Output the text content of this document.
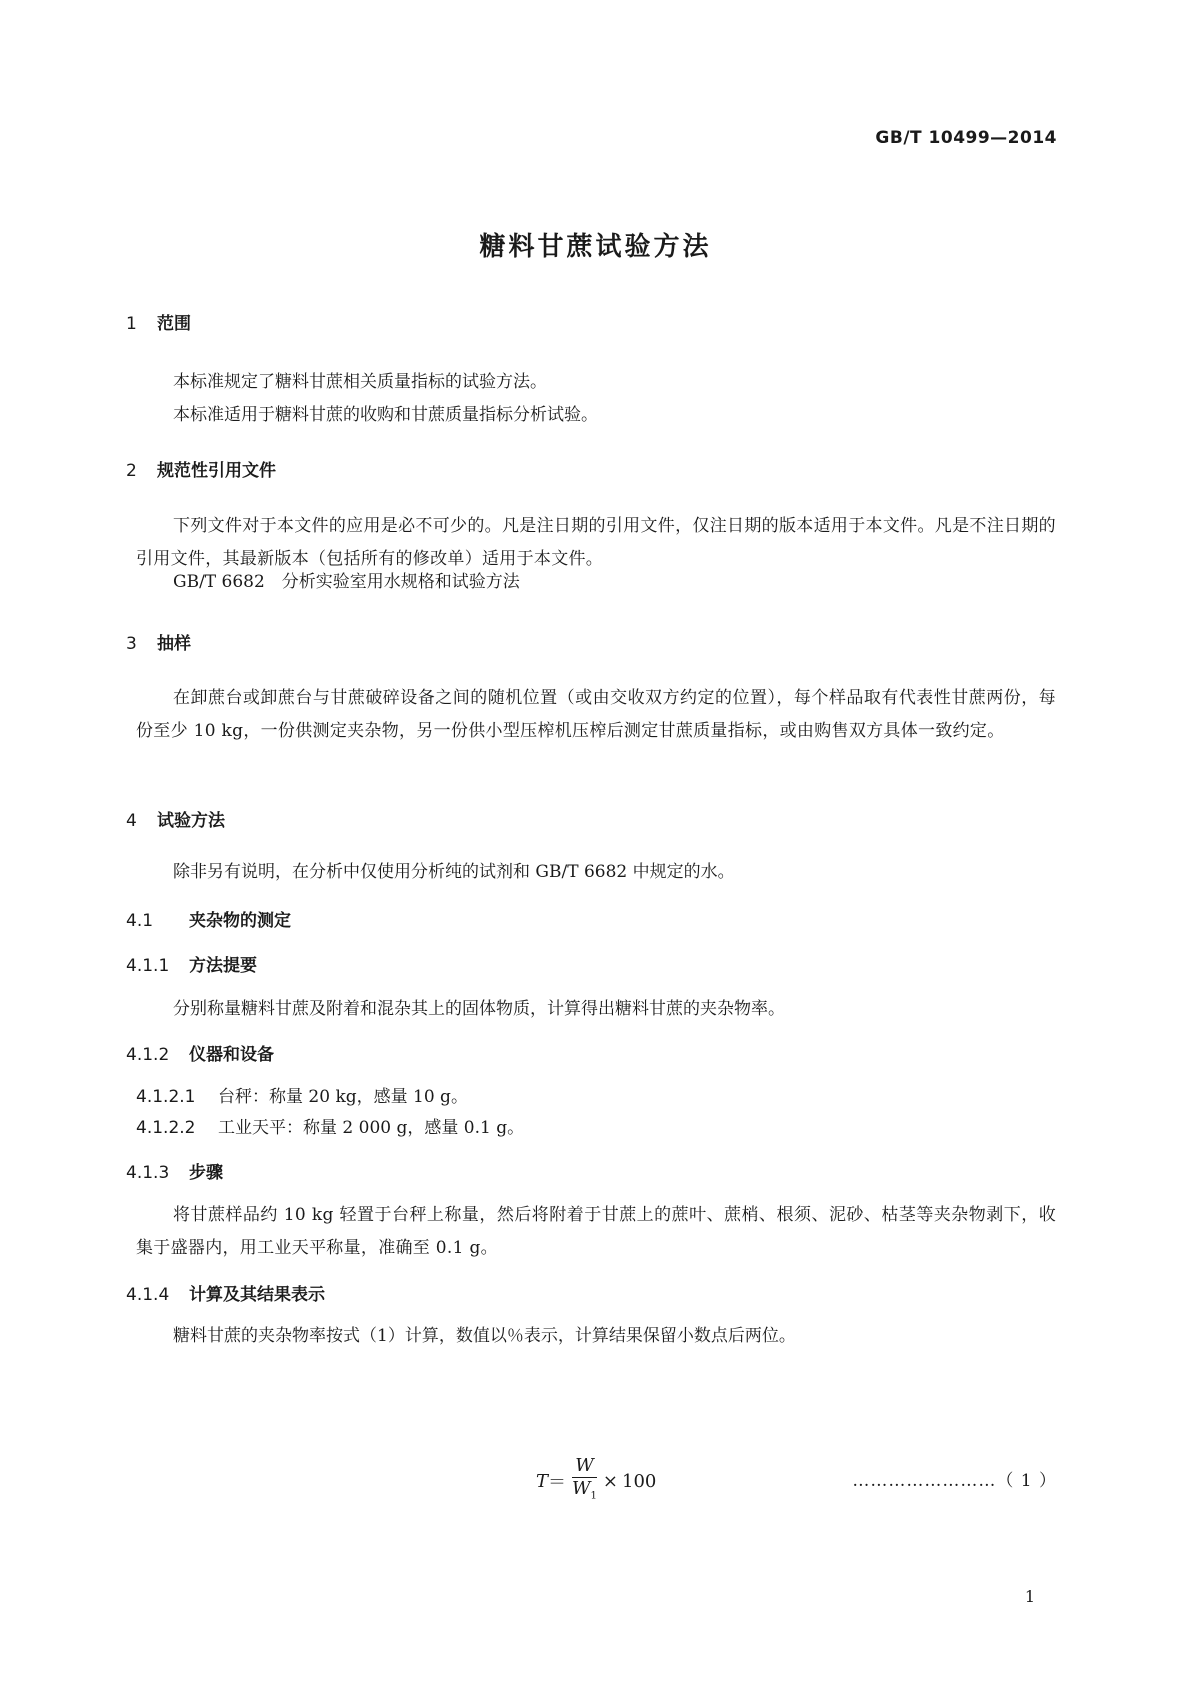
GB/T 10499—2014
糖料甘蔗试验方法
1 范围
本标准规定了糖料甘蔗相关质量指标的试验方法。
本标准适用于糖料甘蔗的收购和甘蔗质量指标分析试验。
2 规范性引用文件
下列文件对于本文件的应用是必不可少的。凡是注日期的引用文件，仅注日期的版本适用于本文件。凡是不注日期的引用文件，其最新版本（包括所有的修改单）适用于本文件。
GB/T 6682　分析实验室用水规格和试验方法
3 抽样
在卸蔗台或卸蔗台与甘蔗破碎设备之间的随机位置（或由交收双方约定的位置），每个样品取有代表性甘蔗两份，每份至少 10 kg，一份供测定夹杂物，另一份供小型压榨机压榨后测定甘蔗质量指标，或由购售双方具体一致约定。
4 试验方法
除非另有说明，在分析中仅使用分析纯的试剂和 GB/T 6682 中规定的水。
4.1 夹杂物的测定
4.1.1 方法提要
分别称量糖料甘蔗及附着和混杂其上的固体物质，计算得出糖料甘蔗的夹杂物率。
4.1.2 仪器和设备
4.1.2.1 台秤：称量 20 kg，感量 10 g。
4.1.2.2 工业天平：称量 2 000 g，感量 0.1 g。
4.1.3 步骤
将甘蔗样品约 10 kg 轻置于台秤上称量，然后将附着于甘蔗上的蔗叶、蔗梢、根须、泥砂、枯茎等夹杂物剥下，收集于盛器内，用工业天平称量，准确至 0.1 g。
4.1.4 计算及其结果表示
糖料甘蔗的夹杂物率按式（1）计算，数值以％表示，计算结果保留小数点后两位。
$T = \frac{W}{W_1} \times 100$	……………………（ 1 ）
1
